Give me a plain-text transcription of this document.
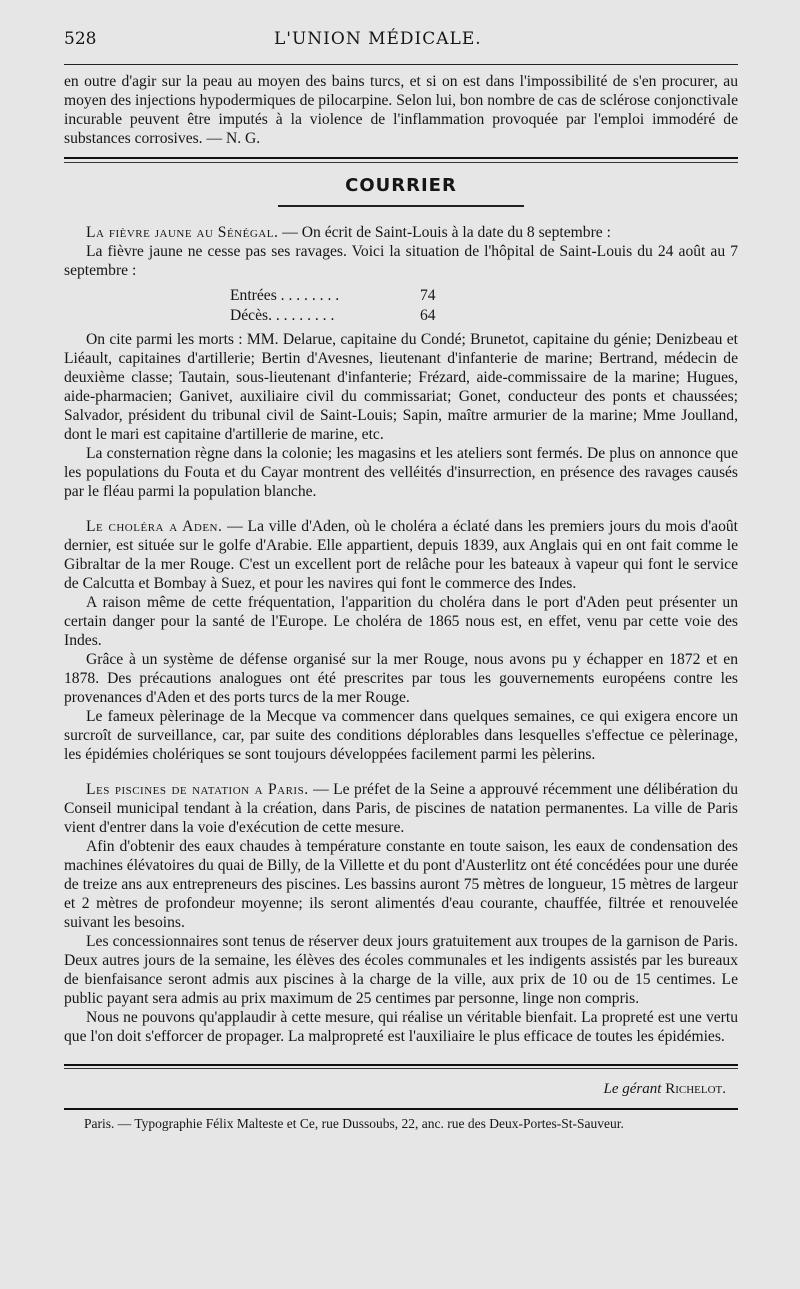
528	L'UNION MÉDICALE.

en outre d'agir sur la peau au moyen des bains turcs, et si on est dans l'impossibilité de s'en procurer, au moyen des injections hypodermiques de pilocarpine. Selon lui, bon nombre de cas de sclérose conjonctivale incurable peuvent être imputés à la violence de l'inflammation provoquée par l'emploi immodéré de substances corrosives. — N. G.

COURRIER

La fièvre jaune au Sénégal. — On écrit de Saint-Louis à la date du 8 septembre :

La fièvre jaune ne cesse pas ses ravages. Voici la situation de l'hôpital de Saint-Louis du 24 août au 7 septembre :

Entrées . . . . . . . .	74
Décès. . . . . . . . .	64

On cite parmi les morts : MM. Delarue, capitaine du Condé; Brunetot, capitaine du génie; Denizbeau et Liéault, capitaines d'artillerie; Bertin d'Avesnes, lieutenant d'infanterie de marine; Bertrand, médecin de deuxième classe; Tautain, sous-lieutenant d'infanterie; Frézard, aide-commissaire de la marine; Hugues, aide-pharmacien; Ganivet, auxiliaire civil du commissariat; Gonet, conducteur des ponts et chaussées; Salvador, président du tribunal civil de Saint-Louis; Sapin, maître armurier de la marine; Mme Joulland, dont le mari est capitaine d'artillerie de marine, etc.

La consternation règne dans la colonie; les magasins et les ateliers sont fermés. De plus on annonce que les populations du Fouta et du Cayar montrent des velléités d'insurrection, en présence des ravages causés par le fléau parmi la population blanche.

Le choléra a Aden. — La ville d'Aden, où le choléra a éclaté dans les premiers jours du mois d'août dernier, est située sur le golfe d'Arabie. Elle appartient, depuis 1839, aux Anglais qui en ont fait comme le Gibraltar de la mer Rouge. C'est un excellent port de relâche pour les bateaux à vapeur qui font le service de Calcutta et Bombay à Suez, et pour les navires qui font le commerce des Indes.

A raison même de cette fréquentation, l'apparition du choléra dans le port d'Aden peut présenter un certain danger pour la santé de l'Europe. Le choléra de 1865 nous est, en effet, venu par cette voie des Indes.

Grâce à un système de défense organisé sur la mer Rouge, nous avons pu y échapper en 1872 et en 1878. Des précautions analogues ont été prescrites par tous les gouvernements européens contre les provenances d'Aden et des ports turcs de la mer Rouge.

Le fameux pèlerinage de la Mecque va commencer dans quelques semaines, ce qui exigera encore un surcroît de surveillance, car, par suite des conditions déplorables dans lesquelles s'effectue ce pèlerinage, les épidémies cholériques se sont toujours développées facilement parmi les pèlerins.

Les piscines de natation a Paris. — Le préfet de la Seine a approuvé récemment une délibération du Conseil municipal tendant à la création, dans Paris, de piscines de natation permanentes. La ville de Paris vient d'entrer dans la voie d'exécution de cette mesure.

Afin d'obtenir des eaux chaudes à température constante en toute saison, les eaux de condensation des machines élévatoires du quai de Billy, de la Villette et du pont d'Austerlitz ont été concédées pour une durée de treize ans aux entrepreneurs des piscines. Les bassins auront 75 mètres de longueur, 15 mètres de largeur et 2 mètres de profondeur moyenne; ils seront alimentés d'eau courante, chauffée, filtrée et renouvelée suivant les besoins.

Les concessionnaires sont tenus de réserver deux jours gratuitement aux troupes de la garnison de Paris. Deux autres jours de la semaine, les élèves des écoles communales et les indigents assistés par les bureaux de bienfaisance seront admis aux piscines à la charge de la ville, aux prix de 10 ou de 15 centimes. Le public payant sera admis au prix maximum de 25 centimes par personne, linge non compris.

Nous ne pouvons qu'applaudir à cette mesure, qui réalise un véritable bienfait. La propreté est une vertu que l'on doit s'efforcer de propager. La malpropreté est l'auxiliaire le plus efficace de toutes les épidémies.

Le gérant Richelot.
Paris. — Typographie Félix Malteste et Ce, rue Dussoubs, 22, anc. rue des Deux-Portes-St-Sauveur.
